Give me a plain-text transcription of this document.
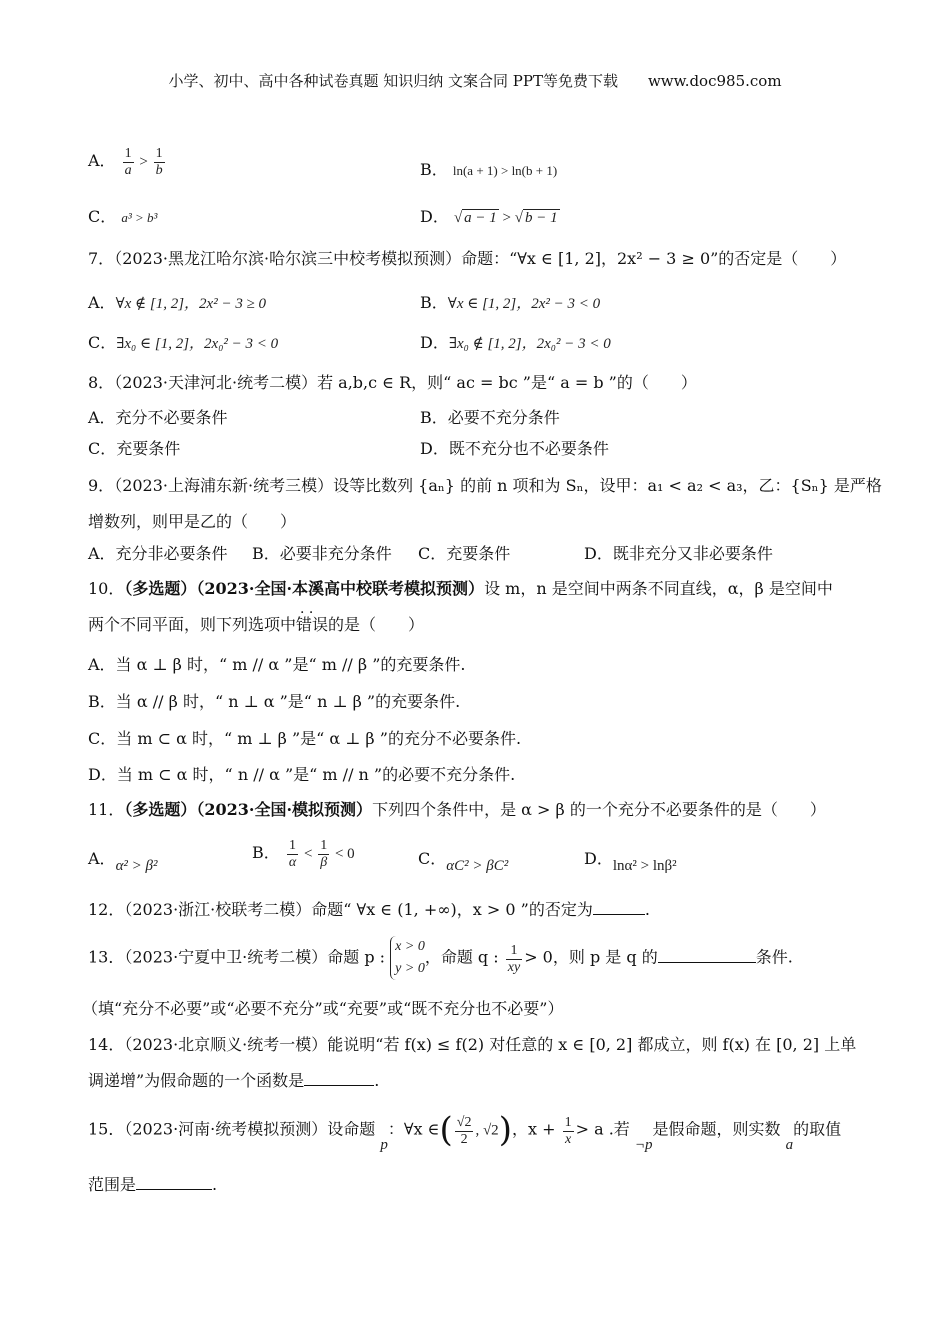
小学、初中、高中各种试卷真题 知识归纳 文案合同 PPT等免费下载　　www.doc985.com
A． $\frac{1}{a} > \frac{1}{b}$	B． ln(a + 1) > ln(b + 1)
C． a³ > b³	D． √ a − 1 > √ b − 1
7．（2023·黑龙江哈尔滨·哈尔滨三中校考模拟预测）命题：“∀x ∈ [1, 2]，2x² − 3 ≥ 0”的否定是（　　）
A．∀x ∉ [1, 2]，2x² − 3 ≥ 0	B．∀x ∈ [1, 2]，2x² − 3 < 0
C．∃x₀ ∈ [1, 2]，2x₀² − 3 < 0	D．∃x₀ ∉ [1, 2]，2x₀² − 3 < 0
8．（2023·天津河北·统考二模）若 a,b,c ∈ R，则“ ac = bc ”是“ a = b ”的（　　）
A．充分不必要条件	B．必要不充分条件
C．充要条件	D．既不充分也不必要条件
9．（2023·上海浦东新·统考三模）设等比数列 {aₙ} 的前 n 项和为 Sₙ，设甲：a₁ < a₂ < a₃，乙：{Sₙ} 是严格
增数列，则甲是乙的（　　）
A．充分非必要条件 B．必要非充分条件 C．充要条件	D．既非充分又非必要条件
10．（多选题）（2023·全国·本溪高中校联考模拟预测）设 m，n 是空间中两条不同直线，α，β 是空间中
两个不同平面，则下列选项中错误 · ·的是（　　）
A．当 α ⊥ β 时，“ m // α ”是“ m // β ”的充要条件.
B．当 α // β 时，“ n ⊥ α ”是“ n ⊥ β ”的充要条件.
C．当 m ⊂ α 时，“ m ⊥ β ”是“ α ⊥ β ”的充分不必要条件.
D．当 m ⊂ α 时，“ n // α ”是“ m // n ”的必要不充分条件.
11．（多选题）（2023·全国·模拟预测）下列四个条件中，是 α > β 的一个充分不必要条件的是（　　）
A．α² > β²
B． $\frac{1}{\alpha} < \frac{1}{\beta} < 0$	C．αC² > βC²	D．lnα² > lnβ²
12．（2023·浙江·校联考二模）命题“ ∀x ∈ (1, +∞)，x > 0 ”的否定为	.
13．（2023·宁夏中卫·统考二模）命题 p :
x > 0
y > 0
，命题 q : $\frac{1}{xy} > 0$，则 p 是 q 的	条件.
（填“充分不必要”或“必要不充分”或“充要”或“既不充分也不必要”）
14．（2023·北京顺义·统考一模）能说明“若 f(x) ≤ f(2) 对任意的 x ∈ [0, 2] 都成立，则 f(x) 在 [0, 2] 上单
调递增”为假命题的一个函数是	.
15．（2023·河南·统考模拟预测）设命题 p：∀x ∈( $\frac{√2}{2}$ , √2)，$x + \frac{1}{x} > a$ .若 ¬p是假命题，则实数 a的取值
范围是	.
